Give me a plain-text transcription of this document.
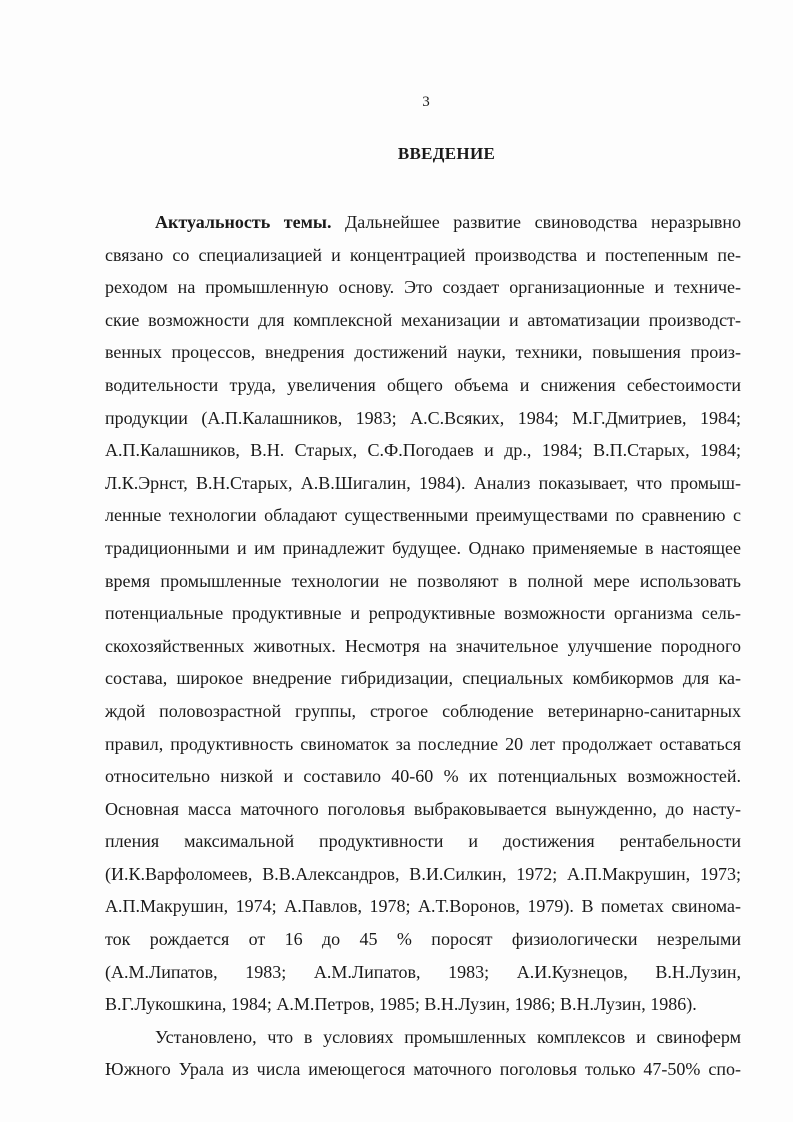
3
ВВЕДЕНИЕ
Актуальность темы. Дальнейшее развитие свиноводства неразрывно
связано со специализацией и концентрацией производства и постепенным пе-
реходом на промышленную основу. Это создает организационные и техниче-
ские возможности для комплексной механизации и автоматизации производст-
венных процессов, внедрения достижений науки, техники, повышения произ-
водительности труда, увеличения общего объема и снижения себестоимости
продукции (А.П.Калашников, 1983; А.С.Всяких, 1984; М.Г.Дмитриев, 1984;
А.П.Калашников, В.Н. Старых, С.Ф.Погодаев и др., 1984; В.П.Старых, 1984;
Л.К.Эрнст, В.Н.Старых, А.В.Шигалин, 1984). Анализ показывает, что промыш-
ленные технологии обладают существенными преимуществами по сравнению с
традиционными и им принадлежит будущее. Однако применяемые в настоящее
время промышленные технологии не позволяют в полной мере использовать
потенциальные продуктивные и репродуктивные возможности организма сель-
скохозяйственных животных. Несмотря на значительное улучшение породного
состава, широкое внедрение гибридизации, специальных комбикормов для ка-
ждой половозрастной группы, строгое соблюдение ветеринарно-санитарных
правил, продуктивность свиноматок за последние 20 лет продолжает оставаться
относительно низкой и составило 40-60 % их потенциальных возможностей.
Основная масса маточного поголовья выбраковывается вынужденно, до насту-
пления максимальной продуктивности и достижения рентабельности
(И.К.Варфоломеев, В.В.Александров, В.И.Силкин, 1972; А.П.Макрушин, 1973;
А.П.Макрушин, 1974; А.Павлов, 1978; А.Т.Воронов, 1979). В пометах свинома-
ток рождается от 16 до 45 % поросят физиологически незрелыми
(А.М.Липатов, 1983; А.М.Липатов, 1983; А.И.Кузнецов, В.Н.Лузин,
В.Г.Лукошкина, 1984; А.М.Петров, 1985; В.Н.Лузин, 1986; В.Н.Лузин, 1986).
Установлено, что в условиях промышленных комплексов и свиноферм
Южного Урала из числа имеющегося маточного поголовья только 47-50% спо-
